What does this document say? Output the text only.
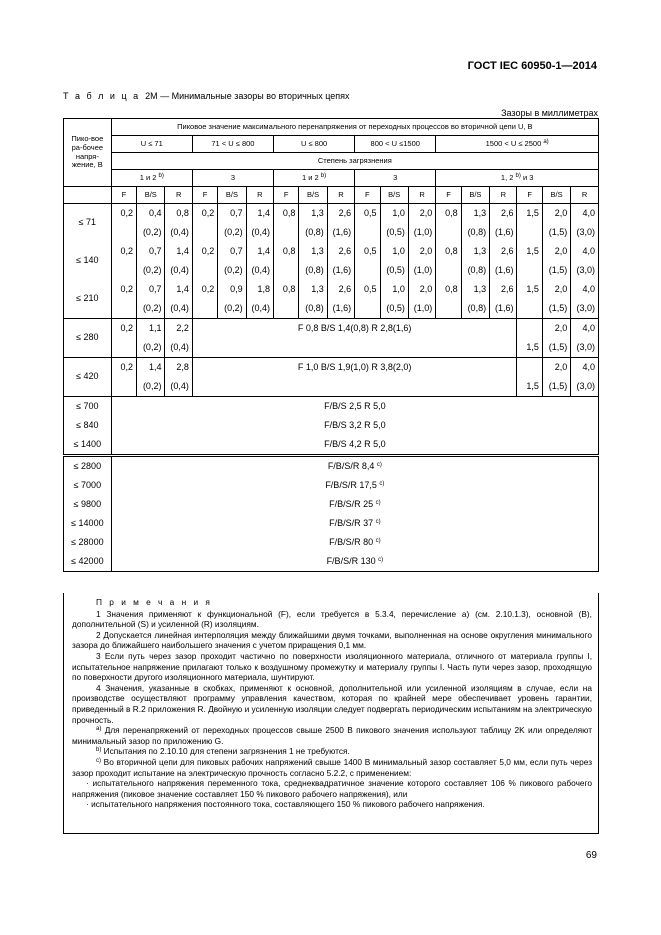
ГОСТ IEC 60950-1—2014
Т а б л и ц а 2M — Минимальные зазоры во вторичных цепях
Зазоры в миллиметрах
Пико-вое ра-бочее напря-жение, В	Пиковое значение максимального перенапряжения от переходных процессов во вторичной цепи U, В																	
	U ≤ 71			71 < U ≤ 800			U ≤ 800			800 < U ≤1500			1500 < U ≤ 2500 $^{a)}$
	Степень загрязнения																	
	1 и 2 $^{b)}$			3			1 и 2 $^{b)}$			3			1, 2 $^{b)}$ и 3					
	F	B/S	R	F	B/S	R	F	B/S	R	F	B/S	R	F	B/S	R	F	B/S	R
≤ 71	0,2	0,4	0,8	0,2	0,7	1,4	0,8	1,3	2,6	0,5	1,0	2,0	0,8	1,3	2,6	1,5	2,0	4,0
		(0,2)	(0,4)		(0,2)	(0,4)		(0,8)	(1,6)		(0,5)	(1,0)		(0,8)	(1,6)		(1,5)	(3,0)
≤ 140	0,2	0,7	1,4	0,2	0,7	1,4	0,8	1,3	2,6	0,5	1,0	2,0	0,8	1,3	2,6	1,5	2,0	4,0
		(0,2)	(0,4)		(0,2)	(0,4)		(0,8)	(1,6)		(0,5)	(1,0)		(0,8)	(1,6)		(1,5)	(3,0)
≤ 210	0,2	0,7	1,4	0,2	0,9	1,8	0,8	1,3	2,6	0,5	1,0	2,0	0,8	1,3	2,6	1,5	2,0	4,0
		(0,2)	(0,4)		(0,2)	(0,4)		(0,8)	(1,6)		(0,5)	(1,0)		(0,8)	(1,6)		(1,5)	(3,0)
≤ 280	0,2	1,1	2,2	F 0,8 B/S 1,4(0,8) R 2,8(1,6)													2,0	4,0
		(0,2)	(0,4)													1,5	(1,5)	(3,0)
≤ 420	0,2	1,4	2,8	F 1,0 B/S 1,9(1,0) R 3,8(2,0)													2,0	4,0
		(0,2)	(0,4)													1,5	(1,5)	(3,0)
≤ 700	F/B/S 2,5 R 5,0																	
≤ 840	F/B/S 3,2 R 5,0																	
≤ 1400	F/B/S 4,2 R 5,0																	
≤ 2800	F/B/S/R 8,4 $^{c)}$
≤ 7000	F/B/S/R 17,5 $^{c)}$
≤ 9800	F/B/S/R 25 $^{c)}$
≤ 14000	F/B/S/R 37 $^{c)}$
≤ 28000	F/B/S/R 80 $^{c)}$
≤ 42000	F/B/S/R 130 $^{c)}$

П р и м е ч а н и я

1 Значения применяют к функциональной (F), если требуется в 5.3.4, перечисление а) (см. 2.10.1.3), основной (В), дополнительной (S) и усиленной (R) изоляциям.

2 Допускается линейная интерполяция между ближайшими двумя точками, выполненная на основе округления минимального зазора до ближайшего наибольшего значения с учетом приращения 0,1 мм.

3 Если путь через зазор проходит частично по поверхности изоляционного материала, отличного от материала группы I, испытательное напряжение прилагают только к воздушному промежутку и материалу группы I. Часть пути через зазор, проходящую по поверхности другого изоляционного материала, шунтируют.

4 Значения, указанные в скобках, применяют к основной, дополнительной или усиленной изоляциям в случае, если на производстве осуществляют программу управления качеством, которая по крайней мере обеспечивает уровень гарантии, приведенный в R.2 приложения R. Двойную и усиленную изоляции следует подвергать периодическим испытаниям на электрическую прочность.

$^{a)}$ Для перенапряжений от переходных процессов свыше 2500 В пикового значения используют таблицу 2K или определяют минимальный зазор по приложению G.

$^{b)}$ Испытания по 2.10.10 для степени загрязнения 1 не требуются.

$^{c)}$ Во вторичной цепи для пиковых рабочих напряжений свыше 1400 В минимальный зазор составляет 5,0 мм, если путь через зазор проходит испытание на электрическую прочность согласно 5.2.2, с применением:

· испытательного напряжения переменного тока, среднеквадратичное значение которого составляет 106 % пикового рабочего напряжения (пиковое значение составляет 150 % пикового рабочего напряжения), или

· испытательного напряжения постоянного тока, составляющего 150 % пикового рабочего напряжения.

69
